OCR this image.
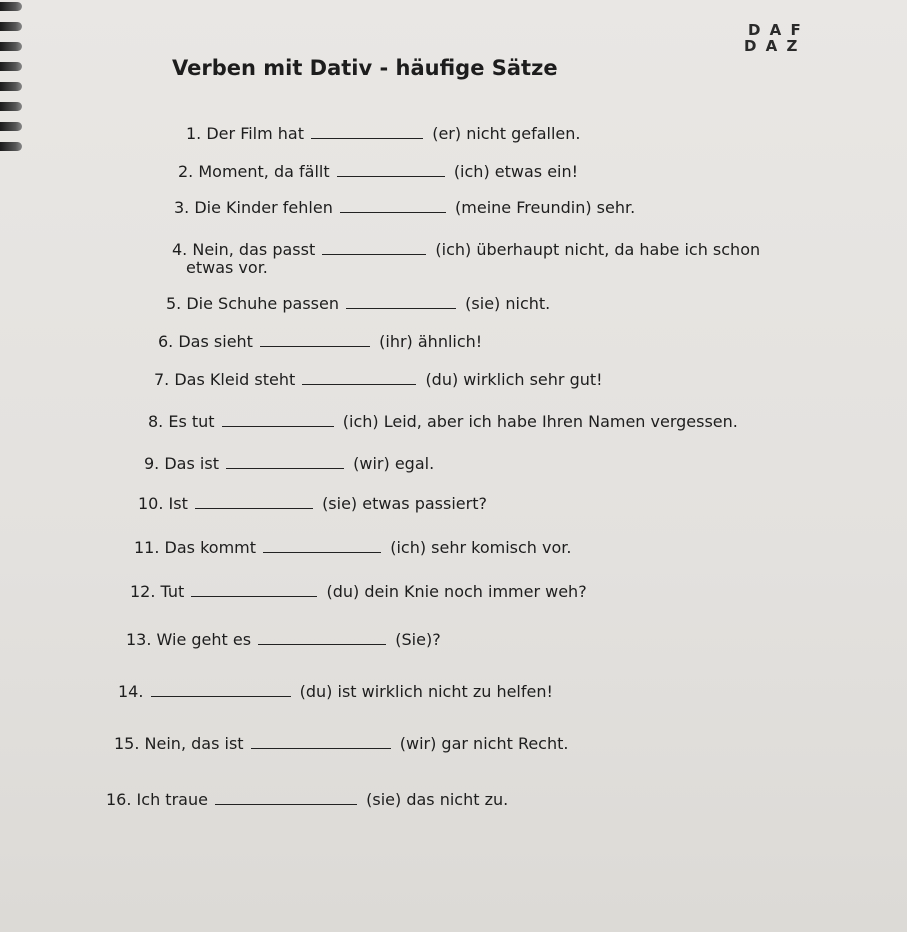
D A F
D A Z
Verben mit Dativ - häufige Sätze
1. Der Film hat	(er) nicht gefallen.
2. Moment, da fällt	(ich) etwas ein!
3. Die Kinder fehlen	(meine Freundin) sehr.
4. Nein, das passt	(ich) überhaupt nicht, da habe ich schon
etwas vor.
5. Die Schuhe passen	(sie) nicht.
6. Das sieht	(ihr) ähnlich!
7. Das Kleid steht	(du) wirklich sehr gut!
8. Es tut	(ich) Leid, aber ich habe Ihren Namen vergessen.
9. Das ist	(wir) egal.
10. Ist	(sie) etwas passiert?
11. Das kommt	(ich) sehr komisch vor.
12. Tut	(du) dein Knie noch immer weh?
13. Wie geht es	(Sie)?
14.	(du) ist wirklich nicht zu helfen!
15. Nein, das ist	(wir) gar nicht Recht.
16. Ich traue	(sie) das nicht zu.
